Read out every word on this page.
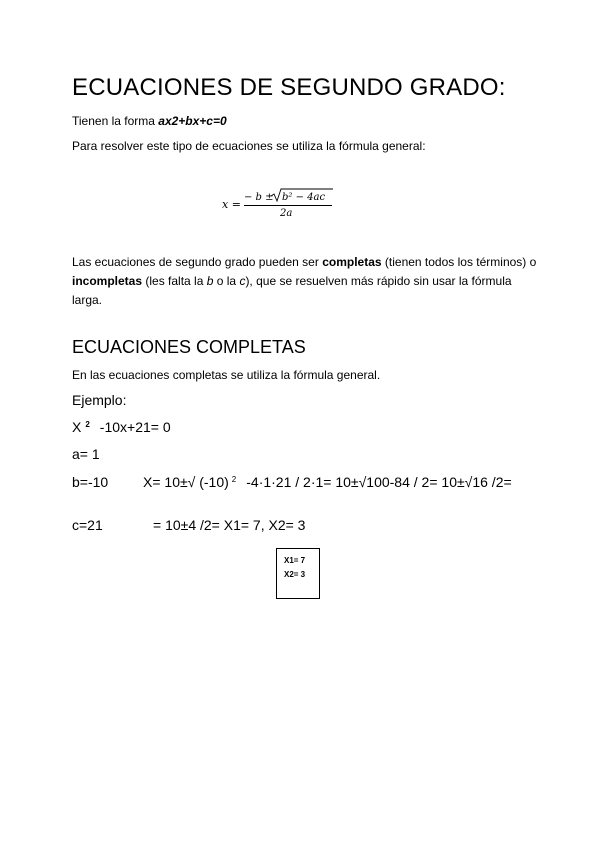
ECUACIONES DE SEGUNDO GRADO:
Tienen la forma ax2+bx+c=0
Para resolver este tipo de ecuaciones se utiliza la fórmula general:
x =
− b ± b² − 4ac
2a
Las ecuaciones de segundo grado pueden ser completas (tienen todos los términos) o incompletas (les falta la b o la c), que se resuelven más rápido sin usar la fórmula larga.
ECUACIONES COMPLETAS
En las ecuaciones completas se utiliza la fórmula general.
Ejemplo:
X $^2$ -10x+21= 0
a= 1
b=-10 X= 10±√ (-10) $^2$ -4·1·21 / 2·1= 10±√100-84 / 2= 10±√16 /2=
c=21	= 10±4 /2= X1= 7, X2= 3
X1= 7
X2= 3
